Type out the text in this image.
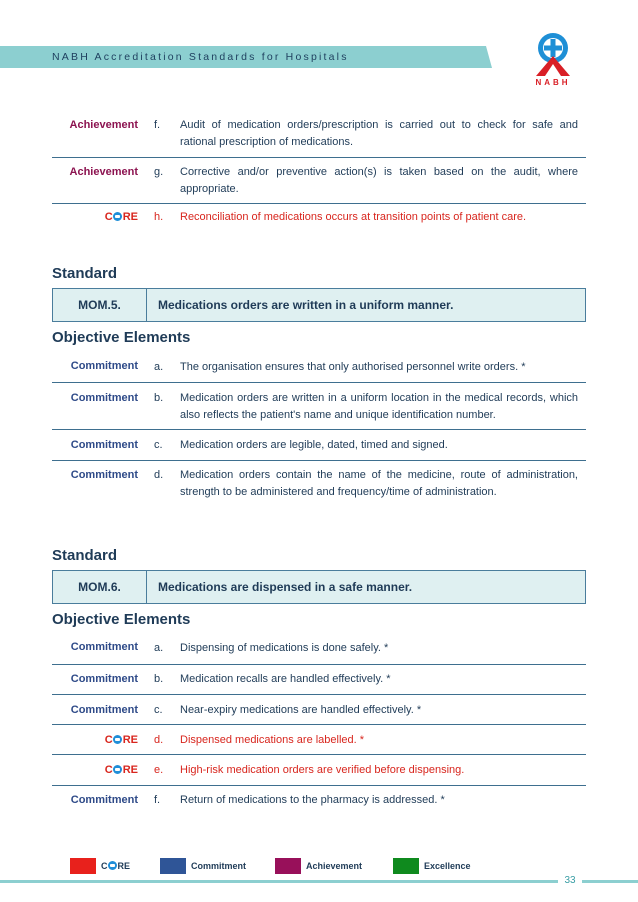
NABH Accreditation Standards for Hospitals
NABH
Achievement f. Audit of medication orders/prescription is carried out to check for safe and rational prescription of medications.
Achievement g. Corrective and/or preventive action(s) is taken based on the audit, where appropriate.
C RE h. Reconciliation of medications occurs at transition points of patient care.
Standard
MOM.5.	Medications orders are written in a uniform manner.
Objective Elements
Commitment a. The organisation ensures that only authorised personnel write orders. *
Commitment b. Medication orders are written in a uniform location in the medical records, which also reflects the patient's name and unique identification number.
Commitment c. Medication orders are legible, dated, timed and signed.
Commitment d. Medication orders contain the name of the medicine, route of administration, strength to be administered and frequency/time of administration.
Standard
MOM.6.	Medications are dispensed in a safe manner.
Objective Elements
Commitment a. Dispensing of medications is done safely. *
Commitment b. Medication recalls are handled effectively. *
Commitment c. Near-expiry medications are handled effectively. *
C RE d. Dispensed medications are labelled. *
C RE e. High-risk medication orders are verified before dispensing.
Commitment f. Return of medications to the pharmacy is addressed. *
C RE	Commitment	Achievement	Excellence
33
